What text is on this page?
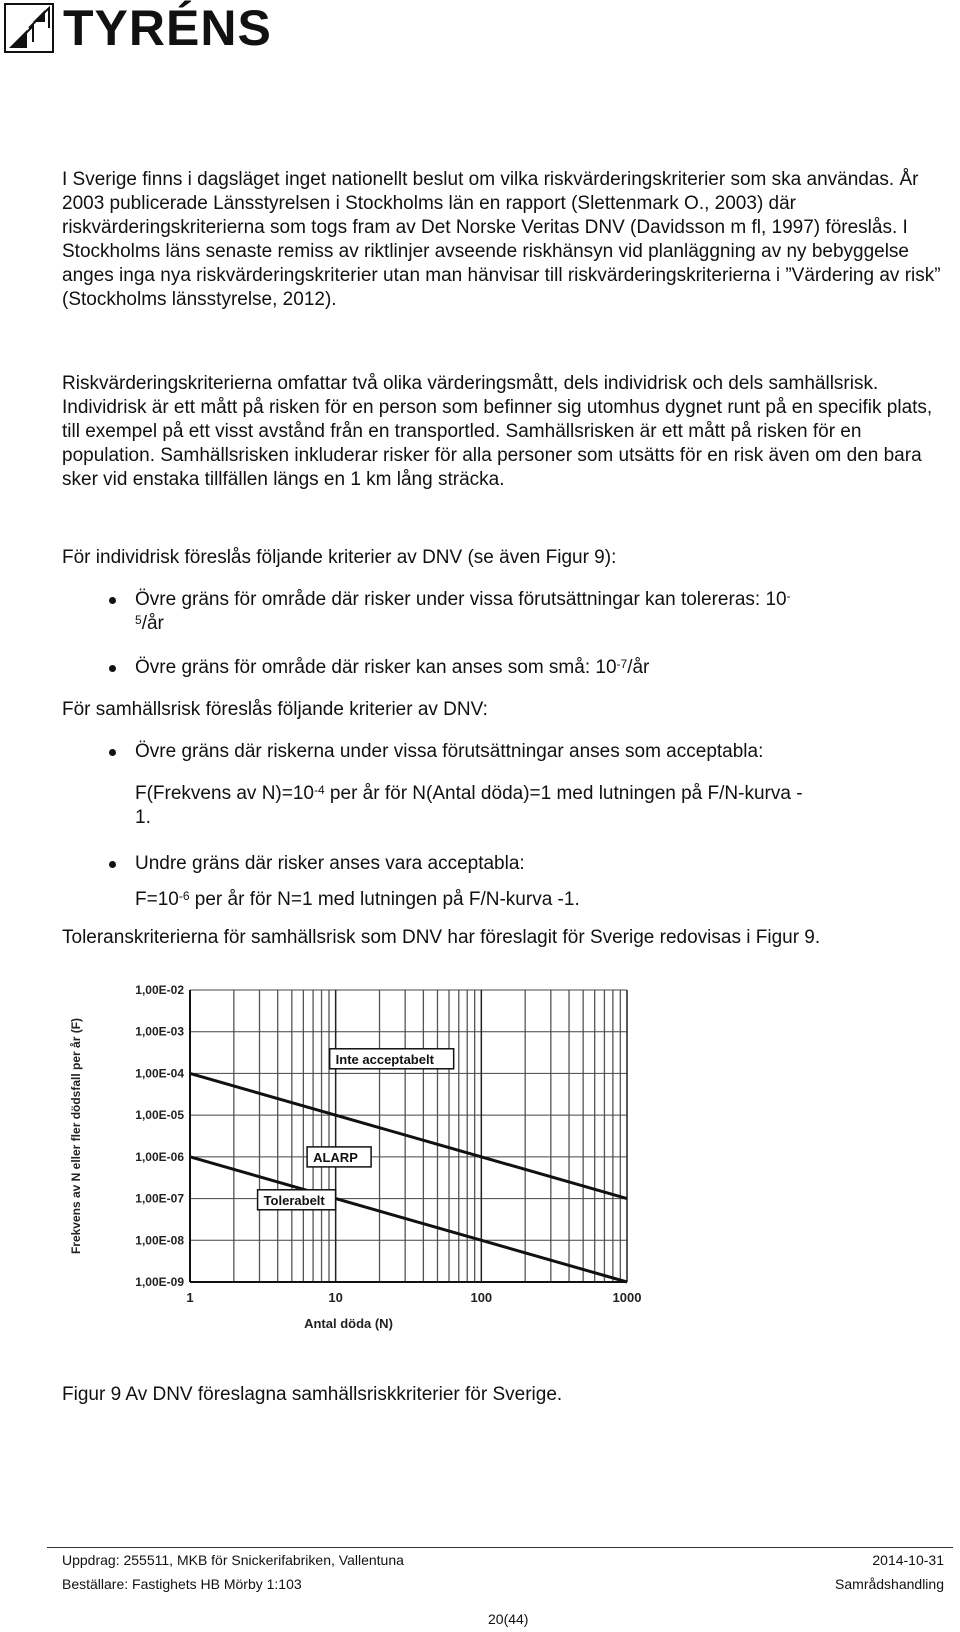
TYRÉNS

I Sverige finns i dagsläget inget nationellt beslut om vilka riskvärderingskriterier som ska användas. År 2003 publicerade Länsstyrelsen i Stockholms län en rapport (Slettenmark O., 2003) där riskvärderingskriterierna som togs fram av Det Norske Veritas DNV (Davidsson m fl, 1997) föreslås. I Stockholms läns senaste remiss av riktlinjer avseende riskhänsyn vid planläggning av ny bebyggelse anges inga nya riskvärderingskriterier utan man hänvisar till riskvärderingskriterierna i ”Värdering av risk” (Stockholms länsstyrelse, 2012).

Riskvärderingskriterierna omfattar två olika värderingsmått, dels individrisk och dels samhällsrisk. Individrisk är ett mått på risken för en person som befinner sig utomhus dygnet runt på en specifik plats, till exempel på ett visst avstånd från en transportled. Samhällsrisken är ett mått på risken för en population. Samhällsrisken inkluderar risker för alla personer som utsätts för en risk även om den bara sker vid enstaka tillfällen längs en 1 km lång sträcka.

För individrisk föreslås följande kriterier av DNV (se även Figur 9):

Övre gräns för område där risker under vissa förutsättningar kan tolereras: 10-
$^5$/år
Övre gräns för område där risker kan anses som små: $10^{-7}/år$

För samhällsrisk föreslås följande kriterier av DNV:

Övre gräns där riskerna under vissa förutsättningar anses som acceptabla:
F(Frekvens av $N)=10^{-4}$ per år för N(Antal döda)=1 med lutningen på F/N-kurva -
1.
Undre gräns där risker anses vara acceptabla:
$F=10^{-6}$ per år för N=1 med lutningen på F/N-kurva -1.

Toleranskriterierna för samhällsrisk som DNV har föreslagit för Sverige redovisas i Figur 9.

1,00E-02
1,00E-03
1,00E-04
1,00E-05
1,00E-06
1,00E-07
1,00E-08
1,00E-09
1	10	100	1000
Inte acceptabelt
ALARP
Tolerabelt
Antal döda (N)
Frekvens av N eller fler dödsfall per år (F)
Figur 9 Av DNV föreslagna samhällsriskkriterier för Sverige.
Uppdrag: 255511, MKB för Snickerifabriken, Vallentuna
Beställare: Fastighets HB Mörby 1:103
2014-10-31
Samrådshandling
20(44)
